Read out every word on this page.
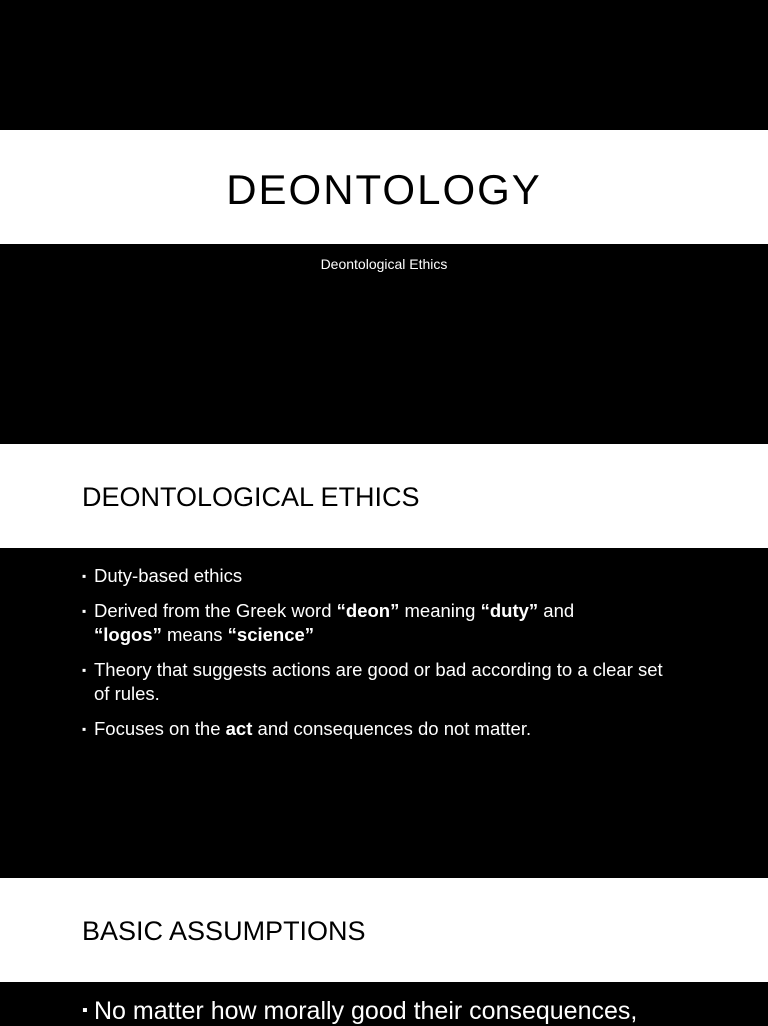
DEONTOLOGY
Deontological Ethics
DEONTOLOGICAL ETHICS
▪ Duty-based ethics
▪ Derived from the Greek word “deon” meaning “duty” and
“logos” means “science”
▪ Theory that suggests actions are good or bad according to a clear set of rules.
▪ Focuses on the act and consequences do not matter.
BASIC ASSUMPTIONS
▪ No matter how morally good their consequences,
